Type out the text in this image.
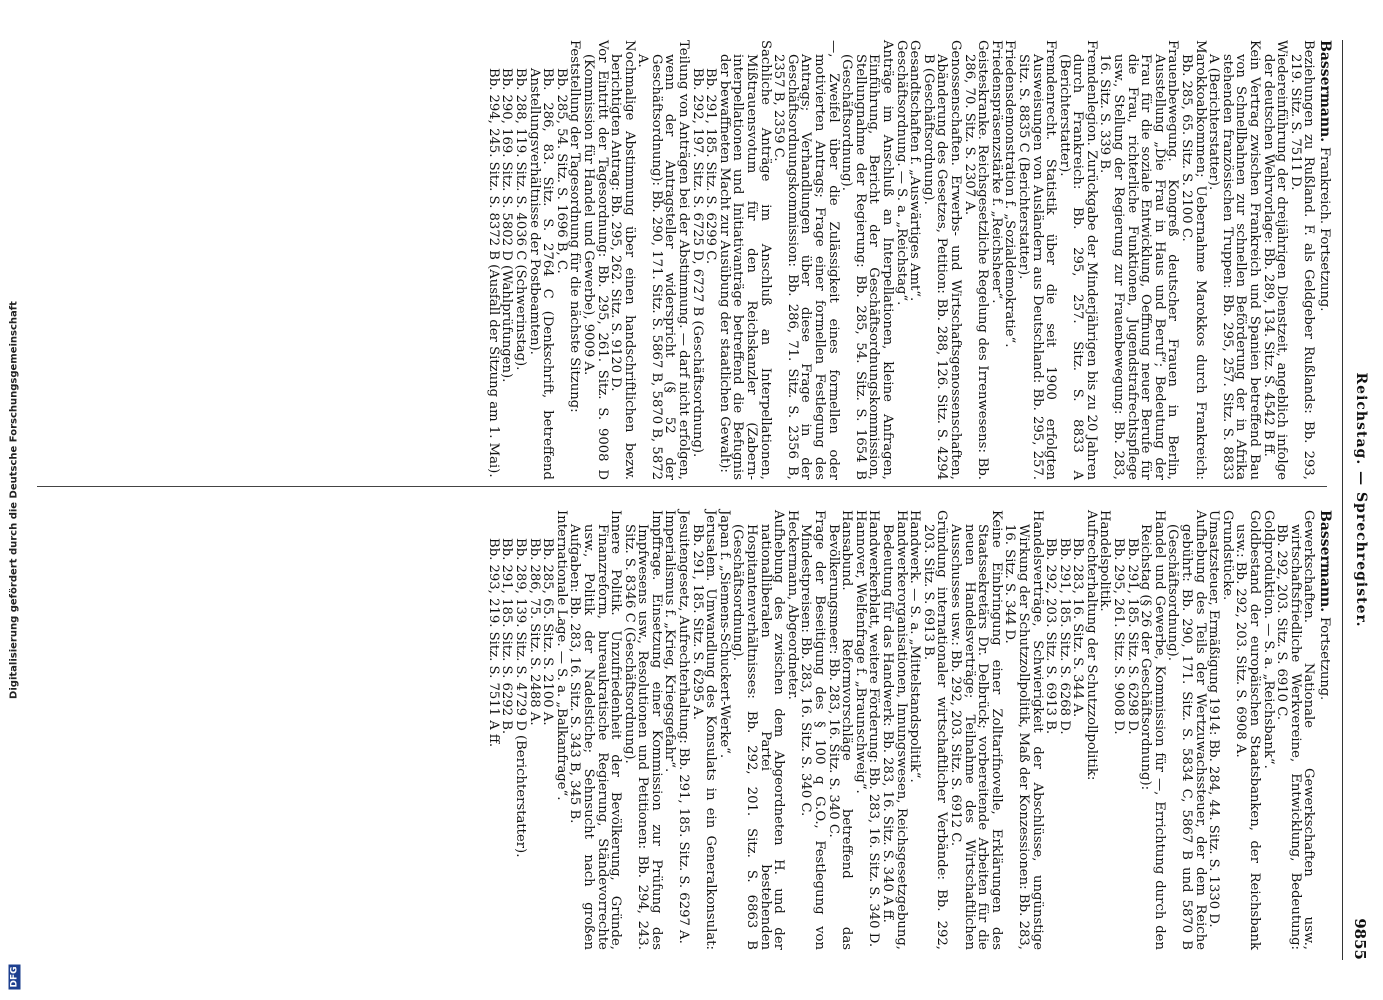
Digitalisierung gefördert durch die Deutsche Forschungsgemeinschaft
DFG
Reichstag. — Sprechregister.
9855
Bassermann. Frankreich. Fortsetzung.

Beziehungen zu Rußland. F. als Geldgeber Rußlands: Bb. 293, 219. Sitz. S. 7511 D.

Wiedereinführung der dreijährigen Dienstzeit, angeblich infolge der deutschen Wehrvorlage: Bb. 289, 134. Sitz. S. 4542 B ff.

Kein Vertrag zwischen Frankreich und Spanien betreffend Bau von Schnellbahnen zur schnellen Beförderung der in Afrika stehenden französischen Truppen: Bb. 295, 257. Sitz. S. 8833 A (Berichterstatter).

Marokkoabkommen; Uebernahme Marokkos durch Frankreich: Bb. 285, 65. Sitz. S. 2100 C.

Frauenbewegung. Kongreß deutscher Frauen in Berlin, Ausstellung „Die Frau in Haus und Beruf“; Bedeutung der Frau für die soziale Entwicklung, Oeffnung neuer Berufe für die Frau, richterliche Funktionen, Jugendstrafrechtspflege usw., Stellung der Regierung zur Frauenbewegung: Bb. 283, 16. Sitz. S. 339 B.

Fremdenlegion. Zurückgabe der Minderjährigen bis zu 20 Jahren durch Frankreich: Bb. 295, 257. Sitz. S. 8833 A (Berichterstatter).

Fremdenrecht. Statistik über die seit 1900 erfolgten Ausweisungen von Ausländern aus Deutschland: Bb. 295, 257. Sitz. S. 8835 C (Berichterstatter).

Friedensdemonstration f. „Sozialdemokratie“.

Friedenspräsenzstärke f. „Reichsheer“.

Geisteskranke. Reichsgesetzliche Regelung des Irrenwesens: Bb. 286, 70. Sitz. S. 2307 A.

Genossenschaften. Erwerbs- und Wirtschaftsgenossenschaften, Abänderung des Gesetzes, Petition: Bb. 288, 126. Sitz. S. 4294 B (Geschäftsordnung).

Gesandtschaften f. „Auswärtiges Amt“.

Geschäftsordnung. — S. a. „Reichstag“.

Anträge im Anschluß an Interpellationen, kleine Anfragen, Einführung, Bericht der Geschäftsordnungskommission, Stellungnahme der Regierung: Bb. 285, 54. Sitz. S. 1654 B (Geschäftsordnung).

—, Zweifel über die Zulässigkeit eines formellen oder motivierten Antrags; Frage einer formellen Festlegung des Antrags; Verhandlungen über diese Frage in der Geschäftsordnungskommission: Bb. 286, 71. Sitz. S. 2356 B, 2357 B, 2359 C.

Sachliche Anträge im Anschluß an Interpellationen, Mißtrauensvotum für den Reichskanzler (Zabern-interpellationen und Initiativanträge betreffend die Befugnis der bewaffneten Macht zur Ausübung der staatlichen Gewalt):

Bb. 291, 185. Sitz. S. 6299 C.

Bb. 292, 197. Sitz. S. 6725 D, 6727 B (Geschäftsordnung).

Teilung von Anträgen bei der Abstimmung. — darf nicht erfolgen, wenn der Antragsteller widerspricht (§ 52 der Geschäftsordnung): Bb. 290, 171. Sitz. S. 5867 B, 5870 B, 5872 A.

Nochmalige Abstimmung über einen handschriftlichen bezw. berichtigten Antrag: Bb. 295, 262. Sitz. S. 9120 D.

Vor Eintritt der Tagesordnung: Bb. 295, 261. Sitz. S. 9008 D (Kommission für Handel und Gewerbe), 9009 A.

Feststellung der Tagesordnung für die nächste Sitzung:

Bb. 285, 54. Sitz. S. 1696 B, C.

Bb. 286, 83. Sitz. S. 2764 C (Denkschrift, betreffend Anstellungsverhältnisse der Postbeamten).

Bb. 288, 119. Sitz. S. 4036 C (Schwerinstag).

Bb. 290, 169. Sitz. S. 5802 D (Wahlprüfungen).

Bb. 294, 245. Sitz. S. 8372 B (Ausfall der Sitzung am 1. Mai).

Bassermann. Fortsetzung.

Gewerkschaften. Nationale Gewerkschaften usw., wirtschaftsfriedliche Werkvereine, Entwicklung, Bedeutung: Bb. 292, 203. Sitz. S. 6910 C.

Goldproduktion. — S. a. „Reichsbank“.

Goldbestand der europäischen Staatsbanken, der Reichsbank usw.: Bb. 292, 203. Sitz. S. 6908 A.

Grundstücke.

Umsatzsteuer, Ermäßigung 1914: Bb. 284, 44. Sitz. S. 1330 D.

Aufhebung des Teils der Wertzuwachssteuer, der dem Reiche gebührt: Bb. 290, 171. Sitz. S. 5834 C, 5867 B und 5870 B (Geschäftsordnung).

Handel und Gewerbe, Kommission für —, Errichtung durch den Reichstag (§ 26 der Geschäftsordnung):

Bb. 291, 185. Sitz. S. 6298 D.

Bb. 295, 261. Sitz. S. 9008 D.

Handelspolitik.

Aufrechterhaltung der Schutzzollpolitik:

Bb. 283, 16. Sitz. S. 344 A.

Bb. 291, 185. Sitz. S. 6268 D.

Bb. 292, 203. Sitz. S. 6913 B.

Handelsverträge, Schwierigkeit der Abschlüsse, ungünstige Wirkung der Schutzzollpolitik, Maß der Konzessionen: Bb. 283, 16. Sitz. S. 344 D.

Keine Einbringung einer Zolltarifnovelle, Erklärungen des Staatssekretärs Dr. Delbrück; vorbereitende Arbeiten für die neuen Handelsverträge; Teilnahme des Wirtschaftlichen Ausschusses usw.: Bb. 292, 203. Sitz. S. 6912 C.

Gründung internationaler wirtschaftlicher Verbände: Bb. 292, 203. Sitz. S. 6913 B.

Handwerk. — S. a. „Mittelstandspolitik“.

Handwerkerorganisationen, Innungswesen, Reichsgesetzgebung, Bedeutung für das Handwerk: Bb. 283, 16. Sitz. S. 340 A ff.

Handwerkerblatt, weitere Förderung: Bb. 283, 16. Sitz. S. 340 D.

Hannover, Welfenfrage f. „Braunschweig“.

Hansabund. Reformvorschläge betreffend das Bevölkerungsmeer: Bb. 283, 16. Sitz. S. 340 C.

Frage der Beseitigung des § 100 q G.O., Festlegung von Mindestpreisen: Bb. 283, 16. Sitz. S. 340 C.

Heckermann, Abgeordneter.

Aufhebung des zwischen dem Abgeordneten H. und der nationalliberalen Partei bestehenden Hospitantenverhältnisses: Bb. 292, 201. Sitz. S. 6863 B (Geschäftsordnung).

Japan f. „Siemens-Schuckert-Werke“.

Jerusalem. Umwandlung des Konsulats in ein Generalkonsulat: Bb. 291, 185. Sitz. S. 6295 A.

Jesuitengesetz, Aufrechterhaltung: Bb. 291, 185. Sitz. S. 6297 A.

Imperialismus f. „Krieg, Kriegsgefahr“.

Impffrage. Einsetzung einer Kommission zur Prüfung des Impfwesens usw., Resolutionen und Petitionen: Bb. 294, 243. Sitz. S. 8346 C (Geschäftsordnung).

Innere Politik. Unzufriedenheit der Bevölkerung, Gründe, Finanzreform, bureaukratische Regierung, Ständevorrechte usw., Politik der Nadelstiche; Sehnsucht nach großen Aufgaben: Bb. 283, 16. Sitz. S. 343 B, 345 B.

Internationale Lage. — S. a. „Balkanfrage“.

Bb. 285, 65. Sitz. S. 2100 A.

Bb. 286, 75. Sitz. S. 2488 A.

Bb. 289, 139. Sitz. S. 4729 D (Berichterstatter).

Bb. 291, 185. Sitz. S. 6292 B.

Bb. 293, 219. Sitz. S. 7511 A ff.
